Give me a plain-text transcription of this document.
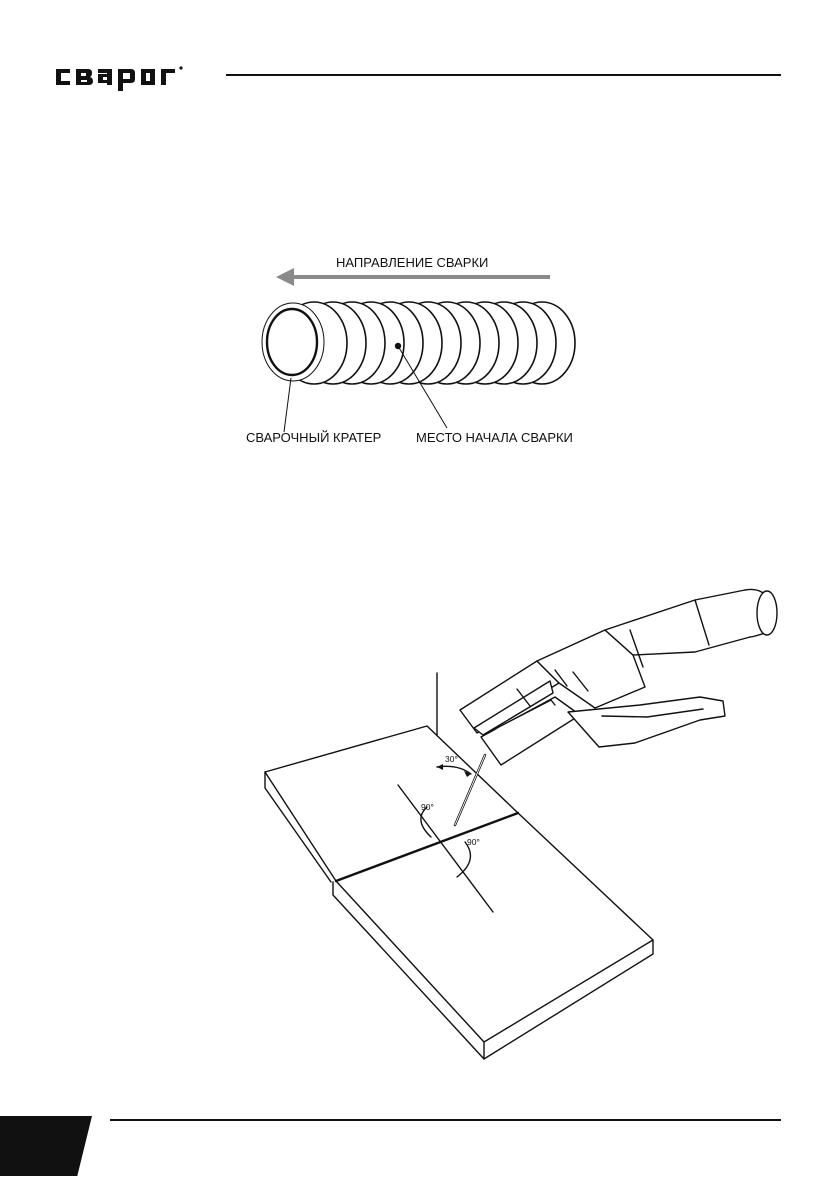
НАПРАВЛЕНИЕ СВАРКИ
СВАРОЧНЫЙ КРАТЕР	МЕСТО НАЧАЛА СВАРКИ
30°
90°
90°
